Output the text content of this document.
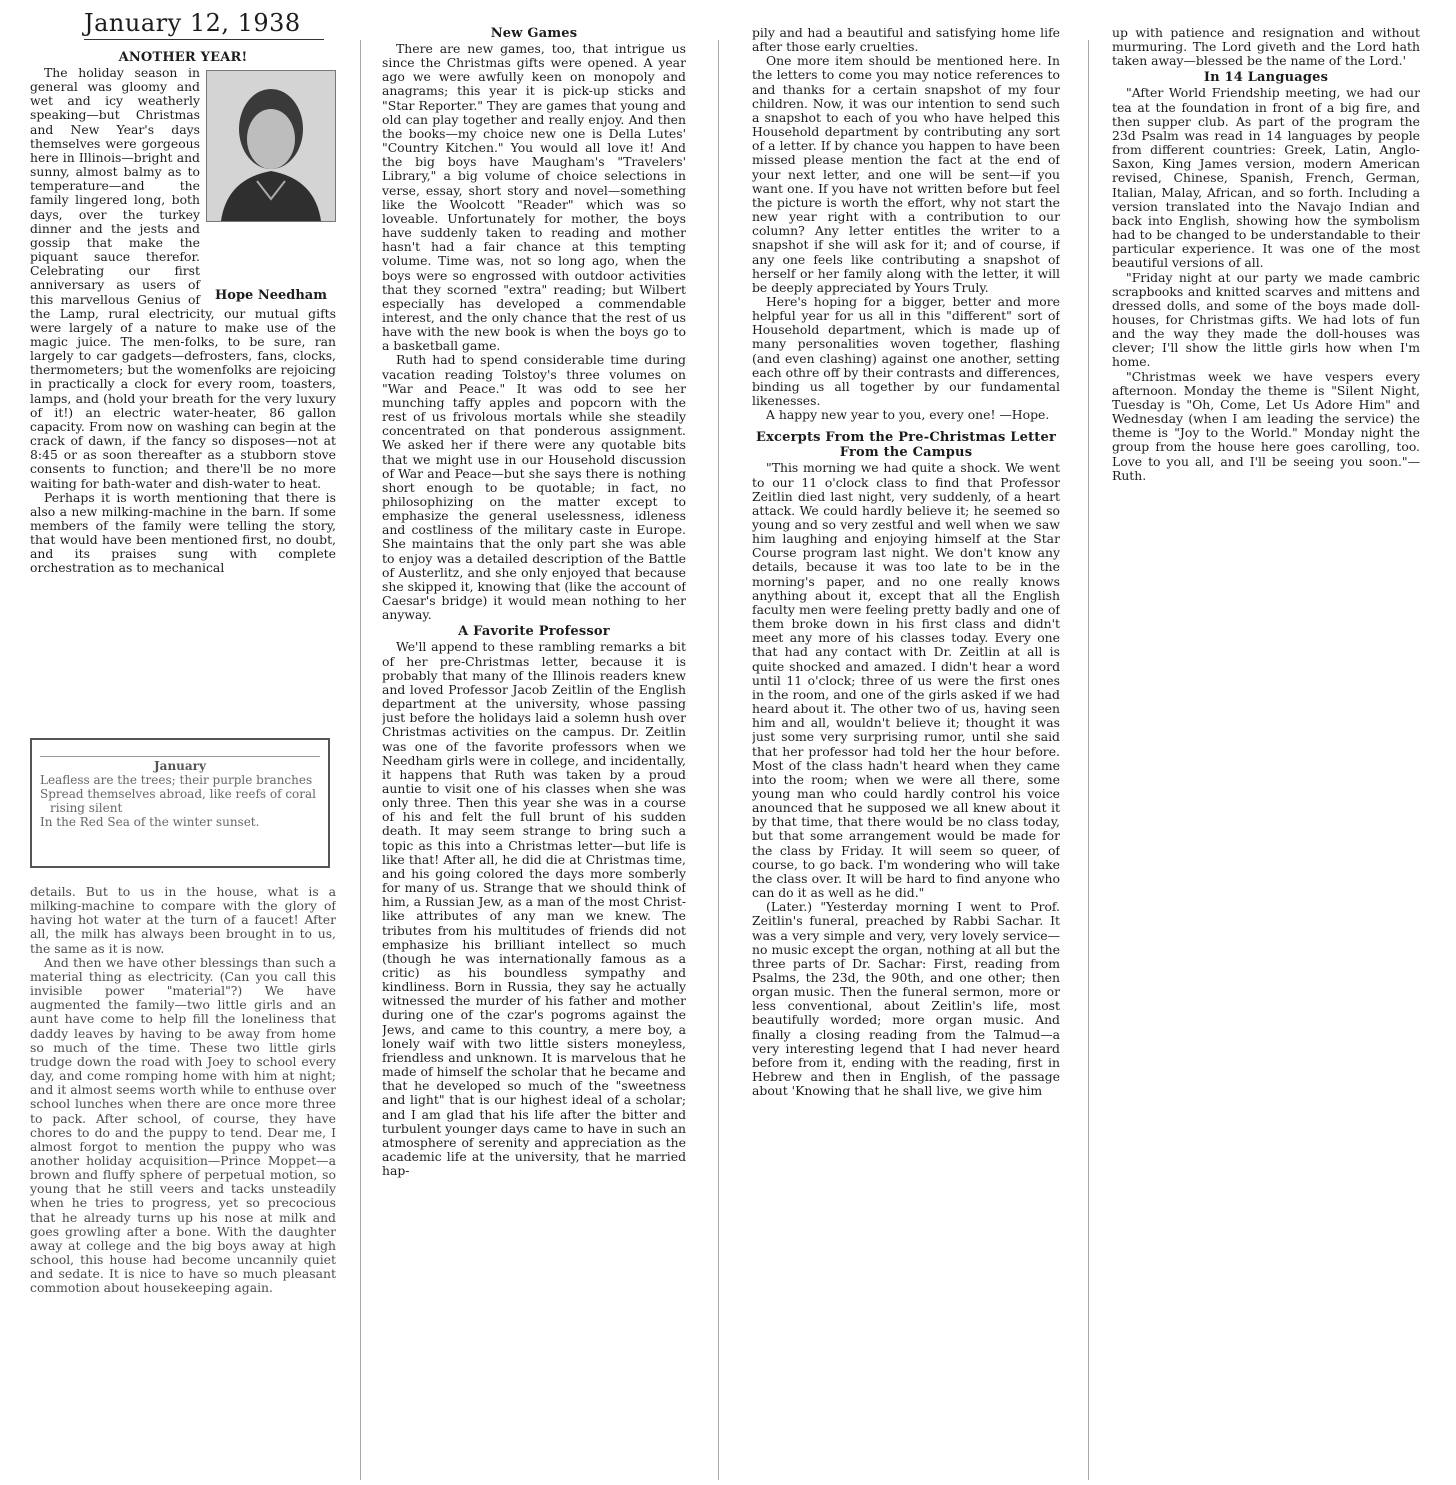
January 12, 1938
ANOTHER YEAR!
Hope Needham

The holiday season in general was gloomy and wet and icy weatherly speaking—but Christmas and New Year's days themselves were gorgeous here in Illinois—bright and sunny, almost balmy as to temperature—and the family lingered long, both days, over the turkey dinner and the jests and gossip that make the piquant sauce therefor. Celebrating our first anniversary as users of this marvellous Genius of the Lamp, rural electricity, our mutual gifts were largely of a nature to make use of the magic juice. The men-folks, to be sure, ran largely to car gadgets—defrosters, fans, clocks, thermometers; but the womenfolks are rejoicing in practically a clock for every room, toasters, lamps, and (hold your breath for the very luxury of it!) an electric water-heater, 86 gallon capacity. From now on washing can begin at the crack of dawn, if the fancy so disposes—not at 8:45 or as soon thereafter as a stubborn stove consents to function; and there'll be no more waiting for bath-water and dish-water to heat.

Perhaps it is worth mentioning that there is also a new milking-machine in the barn. If some members of the family were telling the story, that would have been mentioned first, no doubt, and its praises sung with complete orchestration as to mechanical

January
Leafless are the trees; their purple branches
Spread themselves abroad, like reefs of coral rising silent
In the Red Sea of the winter sunset.

details. But to us in the house, what is a milking-machine to compare with the glory of having hot water at the turn of a faucet! After all, the milk has always been brought in to us, the same as it is now.

And then we have other blessings than such a material thing as electricity. (Can you call this invisible power "material"?) We have augmented the family—two little girls and an aunt have come to help fill the loneliness that daddy leaves by having to be away from home so much of the time. These two little girls trudge down the road with Joey to school every day, and come romping home with him at night; and it almost seems worth while to enthuse over school lunches when there are once more three to pack. After school, of course, they have chores to do and the puppy to tend. Dear me, I almost forgot to mention the puppy who was another holiday acquisition—Prince Moppet—a brown and fluffy sphere of perpetual motion, so young that he still veers and tacks unsteadily when he tries to progress, yet so precocious that he already turns up his nose at milk and goes growling after a bone. With the daughter away at college and the big boys away at high school, this house had become uncannily quiet and sedate. It is nice to have so much pleasant commotion about housekeeping again.

New Games

There are new games, too, that intrigue us since the Christmas gifts were opened. A year ago we were awfully keen on monopoly and anagrams; this year it is pick-up sticks and "Star Reporter." They are games that young and old can play together and really enjoy. And then the books—my choice new one is Della Lutes' "Country Kitchen." You would all love it! And the big boys have Maugham's "Travelers' Library," a big volume of choice selections in verse, essay, short story and novel—something like the Woolcott "Reader" which was so loveable. Unfortunately for mother, the boys have suddenly taken to reading and mother hasn't had a fair chance at this tempting volume. Time was, not so long ago, when the boys were so engrossed with outdoor activities that they scorned "extra" reading; but Wilbert especially has developed a commendable interest, and the only chance that the rest of us have with the new book is when the boys go to a basketball game.

Ruth had to spend considerable time during vacation reading Tolstoy's three volumes on "War and Peace." It was odd to see her munching taffy apples and popcorn with the rest of us frivolous mortals while she steadily concentrated on that ponderous assignment. We asked her if there were any quotable bits that we might use in our Household discussion of War and Peace—but she says there is nothing short enough to be quotable; in fact, no philosophizing on the matter except to emphasize the general uselessness, idleness and costliness of the military caste in Europe. She maintains that the only part she was able to enjoy was a detailed description of the Battle of Austerlitz, and she only enjoyed that because she skipped it, knowing that (like the account of Caesar's bridge) it would mean nothing to her anyway.

A Favorite Professor

We'll append to these rambling remarks a bit of her pre-Christmas letter, because it is probably that many of the Illinois readers knew and loved Professor Jacob Zeitlin of the English department at the university, whose passing just before the holidays laid a solemn hush over Christmas activities on the campus. Dr. Zeitlin was one of the favorite professors when we Needham girls were in college, and incidentally, it happens that Ruth was taken by a proud auntie to visit one of his classes when she was only three. Then this year she was in a course of his and felt the full brunt of his sudden death. It may seem strange to bring such a topic as this into a Christmas letter—but life is like that! After all, he did die at Christmas time, and his going colored the days more somberly for many of us. Strange that we should think of him, a Russian Jew, as a man of the most Christ-like attributes of any man we knew. The tributes from his multitudes of friends did not emphasize his brilliant intellect so much (though he was internationally famous as a critic) as his boundless sympathy and kindliness. Born in Russia, they say he actually witnessed the murder of his father and mother during one of the czar's pogroms against the Jews, and came to this country, a mere boy, a lonely waif with two little sisters moneyless, friendless and unknown. It is marvelous that he made of himself the scholar that he became and that he developed so much of the "sweetness and light" that is our highest ideal of a scholar; and I am glad that his life after the bitter and turbulent younger days came to have in such an atmosphere of serenity and appreciation as the academic life at the university, that he married hap-

pily and had a beautiful and satisfying home life after those early cruelties.

One more item should be mentioned here. In the letters to come you may notice references to and thanks for a certain snapshot of my four children. Now, it was our intention to send such a snapshot to each of you who have helped this Household department by contributing any sort of a letter. If by chance you happen to have been missed please mention the fact at the end of your next letter, and one will be sent—if you want one. If you have not written before but feel the picture is worth the effort, why not start the new year right with a contribution to our column? Any letter entitles the writer to a snapshot if she will ask for it; and of course, if any one feels like contributing a snapshot of herself or her family along with the letter, it will be deeply appreciated by Yours Truly.

Here's hoping for a bigger, better and more helpful year for us all in this "different" sort of Household department, which is made up of many personalities woven together, flashing (and even clashing) against one another, setting each othre off by their contrasts and differences, binding us all together by our fundamental likenesses.

A happy new year to you, every one! —Hope.

Excerpts From the Pre-Christmas Letter From the Campus

"This morning we had quite a shock. We went to our 11 o'clock class to find that Professor Zeitlin died last night, very suddenly, of a heart attack. We could hardly believe it; he seemed so young and so very zestful and well when we saw him laughing and enjoying himself at the Star Course program last night. We don't know any details, because it was too late to be in the morning's paper, and no one really knows anything about it, except that all the English faculty men were feeling pretty badly and one of them broke down in his first class and didn't meet any more of his classes today. Every one that had any contact with Dr. Zeitlin at all is quite shocked and amazed. I didn't hear a word until 11 o'clock; three of us were the first ones in the room, and one of the girls asked if we had heard about it. The other two of us, having seen him and all, wouldn't believe it; thought it was just some very surprising rumor, until she said that her professor had told her the hour before. Most of the class hadn't heard when they came into the room; when we were all there, some young man who could hardly control his voice anounced that he supposed we all knew about it by that time, that there would be no class today, but that some arrangement would be made for the class by Friday. It will seem so queer, of course, to go back. I'm wondering who will take the class over. It will be hard to find anyone who can do it as well as he did."

(Later.) "Yesterday morning I went to Prof. Zeitlin's funeral, preached by Rabbi Sachar. It was a very simple and very, very lovely service—no music except the organ, nothing at all but the three parts of Dr. Sachar: First, reading from Psalms, the 23d, the 90th, and one other; then organ music. Then the funeral sermon, more or less conventional, about Zeitlin's life, most beautifully worded; more organ music. And finally a closing reading from the Talmud—a very interesting legend that I had never heard before from it, ending with the reading, first in Hebrew and then in English, of the passage about 'Knowing that he shall live, we give him

up with patience and resignation and without murmuring. The Lord giveth and the Lord hath taken away—blessed be the name of the Lord.'

In 14 Languages

"After World Friendship meeting, we had our tea at the foundation in front of a big fire, and then supper club. As part of the program the 23d Psalm was read in 14 languages by people from different countries: Greek, Latin, Anglo-Saxon, King James version, modern American revised, Chinese, Spanish, French, German, Italian, Malay, African, and so forth. Including a version translated into the Navajo Indian and back into English, showing how the symbolism had to be changed to be understandable to their particular experience. It was one of the most beautiful versions of all.

"Friday night at our party we made cambric scrapbooks and knitted scarves and mittens and dressed dolls, and some of the boys made doll-houses, for Christmas gifts. We had lots of fun and the way they made the doll-houses was clever; I'll show the little girls how when I'm home.

"Christmas week we have vespers every afternoon. Monday the theme is "Silent Night, Tuesday is "Oh, Come, Let Us Adore Him" and Wednesday (when I am leading the service) the theme is "Joy to the World." Monday night the group from the house here goes carolling, too. Love to you all, and I'll be seeing you soon."—Ruth.
